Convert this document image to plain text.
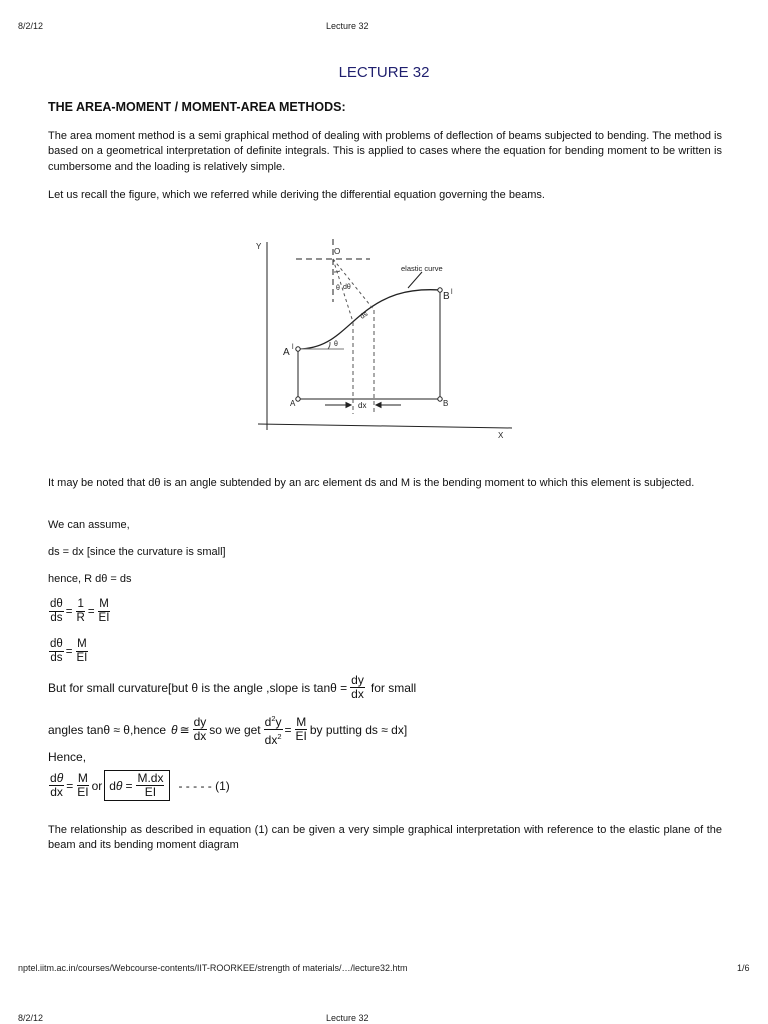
8/2/12	Lecture 32
LECTURE 32
THE AREA-MOMENT / MOMENT-AREA METHODS:
The area moment method is a semi graphical method of dealing with problems of deflection of beams subjected to bending. The method is based on a geometrical interpretation of definite integrals. This is applied to cases where the equation for bending moment to be written is cumbersome and the loading is relatively simple.
Let us recall the figure, which we referred while deriving the differential equation governing the beams.
Y
X
O
θ dθ
ds
θ
elastic curve
A l
B l
A	B
dx
It may be noted that dθ is an angle subtended by an arc element ds and M is the bending moment to which this element is subjected.
We can assume,
ds = dx [since the curvature is small]
hence, R dθ = ds
$\frac{d\theta}{ds} = \frac{1}{R} = \frac{M}{EI}$
$\frac{d\theta}{ds} = \frac{M}{EI}$
But for small curvature[but θ is the angle ,slope is $\tan\theta = \frac{dy}{dx}$ for small
angles tanθ ≈ θ,hence θ ≅ $\frac{dy}{dx}$ so we get $\frac{d^2y}{dx^2} = \frac{M}{EI}$ by putting ds ≈ dx]
Hence,
$\frac{d\theta}{dx} = \frac{M}{EI}$ or $d\theta = \frac{M.dx}{EI}$ - - - - - (1)
The relationship as described in equation (1) can be given a very simple graphical interpretation with reference to the elastic plane of the beam and its bending moment diagram
nptel.iitm.ac.in/courses/Webcourse-contents/IIT-ROORKEE/strength of materials/…/lecture32.htm	1/6
8/2/12	Lecture 32
